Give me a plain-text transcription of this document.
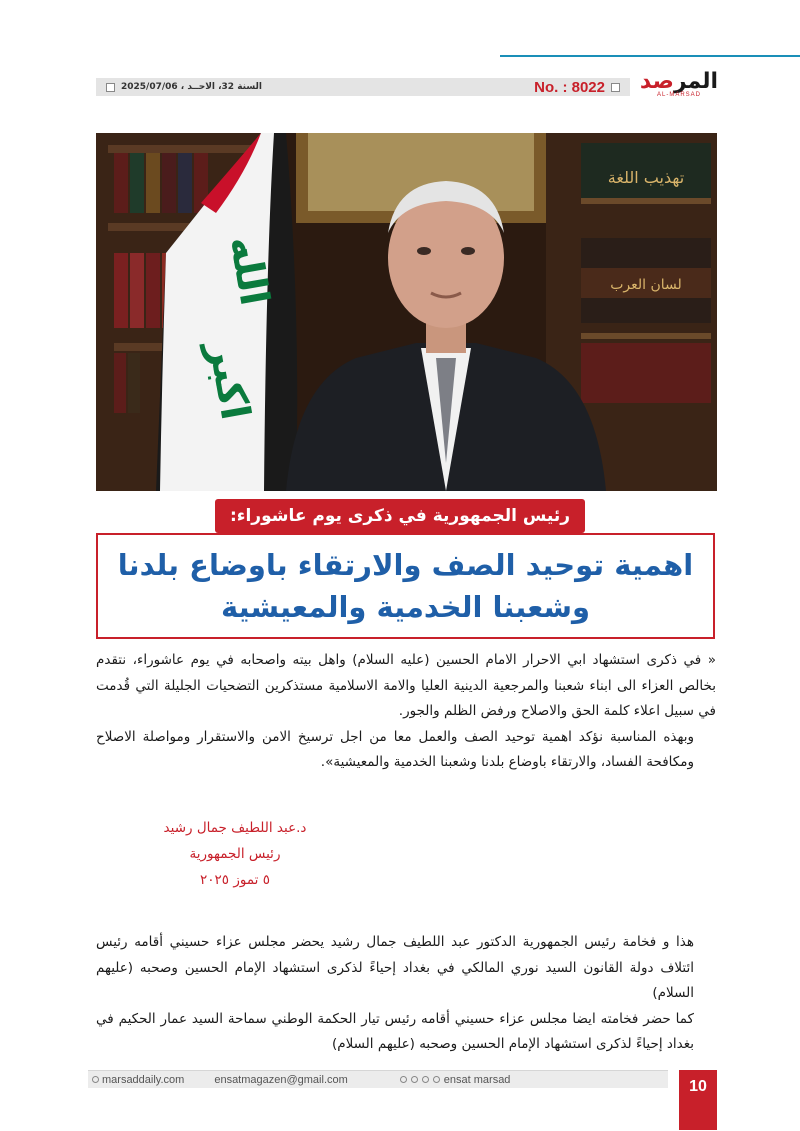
السنة 32، الاحــد ، 2025/07/06	No. : 8022	المرصد
AL-MARSAD
تهذيب اللغة
لسان العرب
الله
اكبر
رئيس الجمهورية في ذكرى يوم عاشوراء:
اهمية توحيد الصف والارتقاء باوضاع بلدنا
وشعبنا الخدمية والمعيشية

« في ذكرى استشهاد ابي الاحرار الامام الحسين (عليه السلام) واهل بيته واصحابه في يوم عاشوراء، نتقدم بخالص العزاء الى ابناء شعبنا والمرجعية الدينية العليا والامة الاسلامية مستذكرين التضحيات الجليلة التي قُدمت في سبيل اعلاء كلمة الحق والاصلاح ورفض الظلم والجور.

وبهذه المناسبة نؤكد اهمية توحيد الصف والعمل معا من اجل ترسيخ الامن والاستقرار ومواصلة الاصلاح ومكافحة الفساد، والارتقاء باوضاع بلدنا وشعبنا الخدمية والمعيشية».

د.عبد اللطيف جمال رشيد
رئيس الجمهورية
٥ تموز ٢٠٢٥

هذا و فخامة رئيس الجمهورية الدكتور عبد اللطيف جمال رشيد يحضر مجلس عزاء حسيني أقامه رئيس ائتلاف دولة القانون السيد نوري المالكي في بغداد إحياءً لذكرى استشهاد الإمام الحسين وصحبه (عليهم السلام)

كما حضر فخامته ايضا مجلس عزاء حسيني أقامه رئيس تيار الحكمة الوطني سماحة السيد عمار الحكيم في بغداد إحياءً لذكرى استشهاد الإمام الحسين وصحبه (عليهم السلام)

marsaddaily.com	ensatmagazen@gmail.com	ensat marsad	10
